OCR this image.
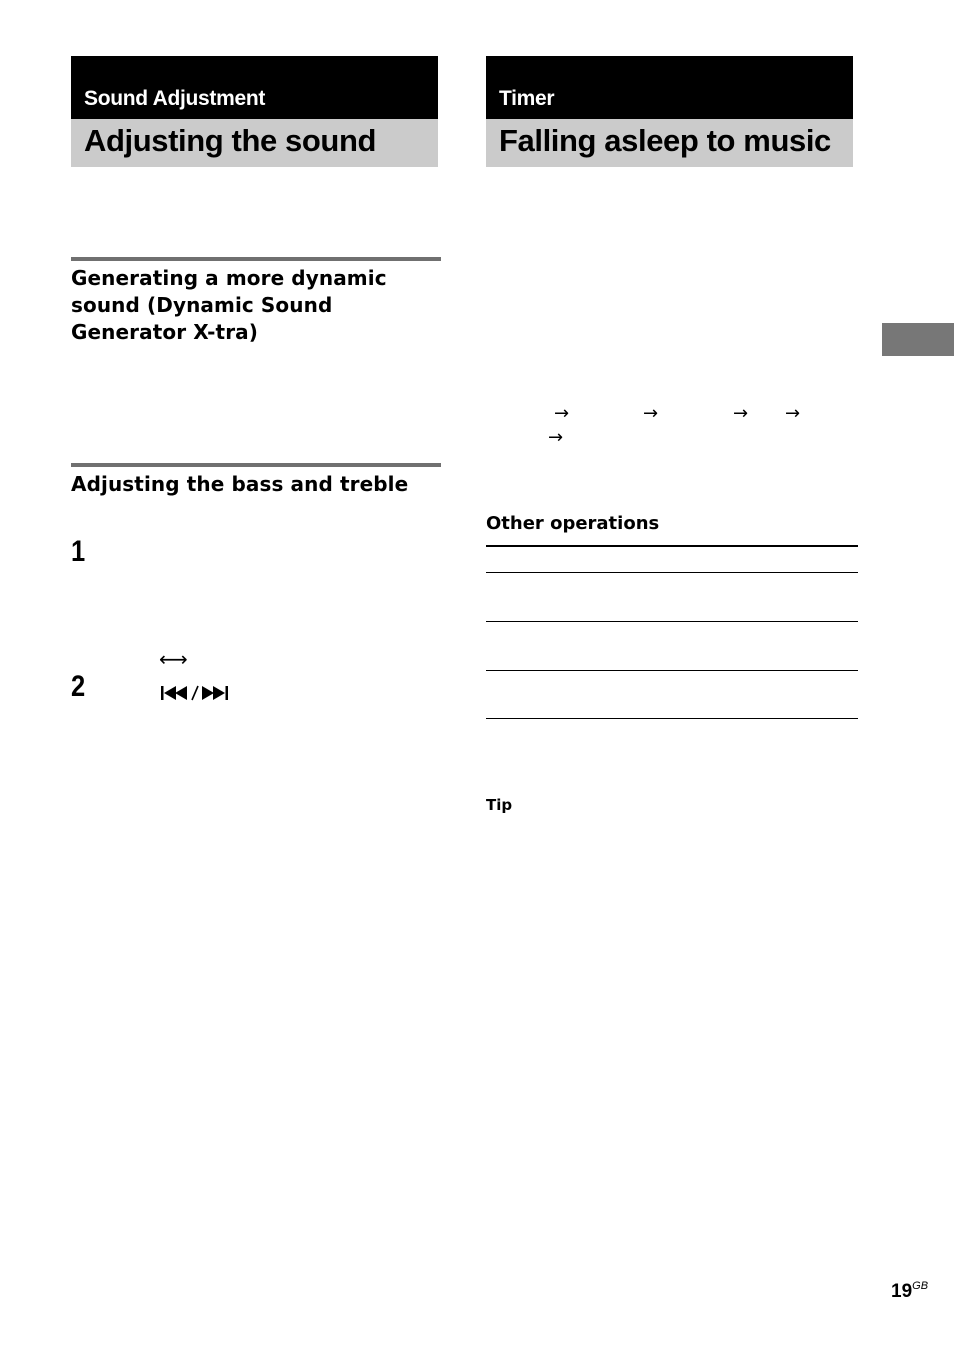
Sound Adjustment
Adjusting the sound
Generating a more dynamic
sound (Dynamic Sound
Generator X-tra)
Adjusting the bass and treble
1
⟷
2
Timer
Falling asleep to music
→	→	→ →
→
Other operations
Tip
$19^{GB}$
